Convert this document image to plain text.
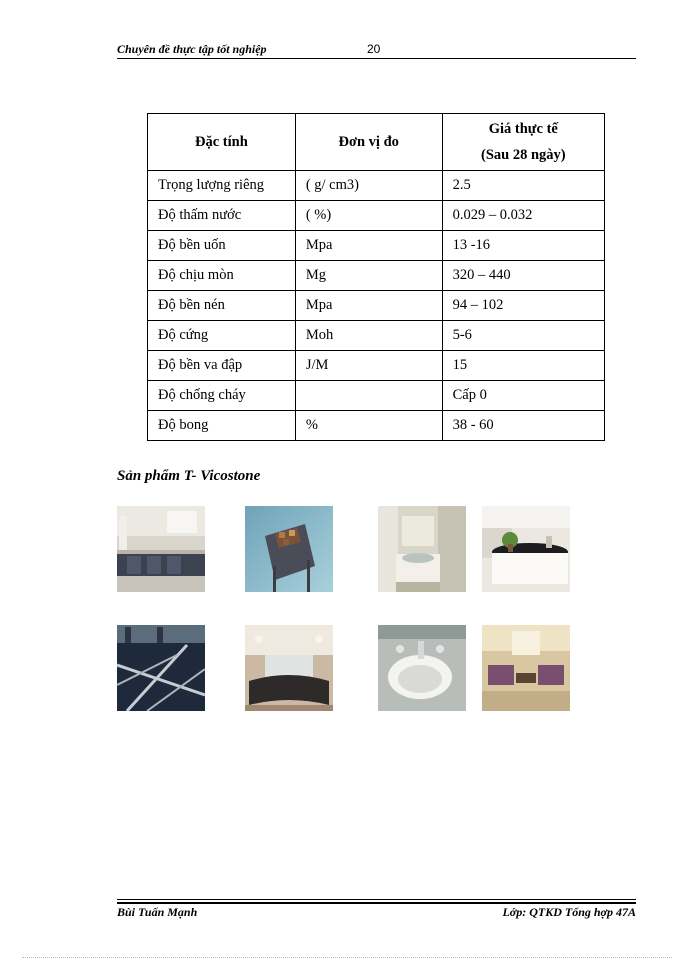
Chuyên đề thực tập tốt nghiệp	20
Đặc tính	Đơn vị đo	Giá thực tế
(Sau 28 ngày)

Trọng lượng riêng	( g/ cm3)	2.5
Độ thấm nước	( %)	0.029 – 0.032
Độ bền uốn	Mpa	13 -16
Độ chịu mòn	Mg	320 – 440
Độ bền nén	Mpa	94 – 102
Độ cứng	Moh	5-6
Độ bền va đập	J/M	15
Độ chống cháy		Cấp 0
Độ bong	%	38 - 60
Sản phẩm T- Vicostone
Bùi Tuấn Mạnh	Lớp: QTKD Tổng hợp 47A
